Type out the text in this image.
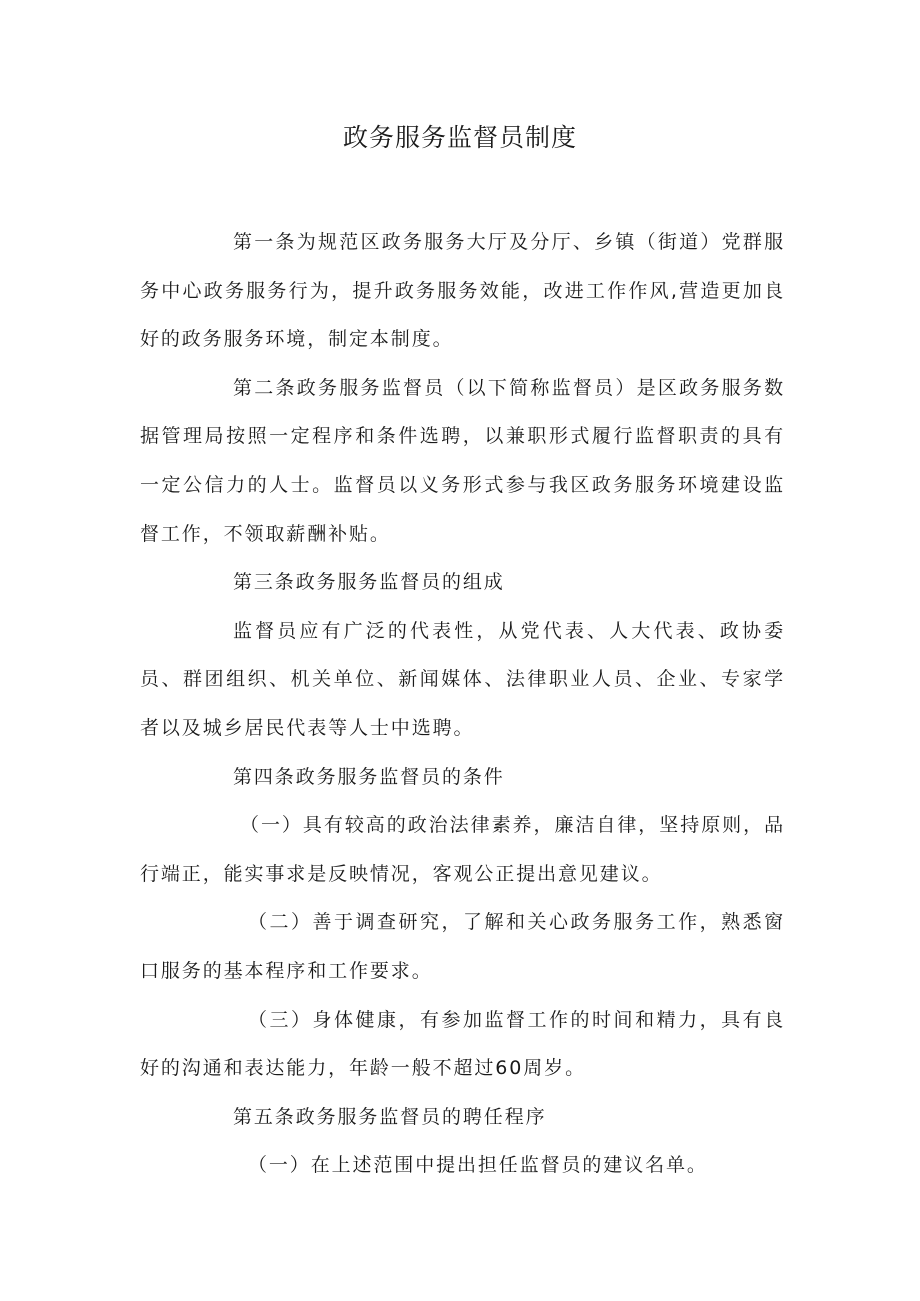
政务服务监督员制度

第一条为规范区政务服务大厅及分厅、乡镇（街道）党群服务中心政务服务行为，提升政务服务效能，改进工作作风,营造更加良好的政务服务环境，制定本制度。

第二条政务服务监督员（以下简称监督员）是区政务服务数据管理局按照一定程序和条件选聘，以兼职形式履行监督职责的具有一定公信力的人士。监督员以义务形式参与我区政务服务环境建设监督工作，不领取薪酬补贴。

第三条政务服务监督员的组成

监督员应有广泛的代表性，从党代表、人大代表、政协委员、群团组织、机关单位、新闻媒体、法律职业人员、企业、专家学者以及城乡居民代表等人士中选聘。

第四条政务服务监督员的条件

（一）具有较高的政治法律素养，廉洁自律，坚持原则，品行端正，能实事求是反映情况，客观公正提出意见建议。

（二）善于调查研究，了解和关心政务服务工作，熟悉窗口服务的基本程序和工作要求。

（三）身体健康，有参加监督工作的时间和精力，具有良好的沟通和表达能力，年龄一般不超过60周岁。

第五条政务服务监督员的聘任程序

（一）在上述范围中提出担任监督员的建议名单。
